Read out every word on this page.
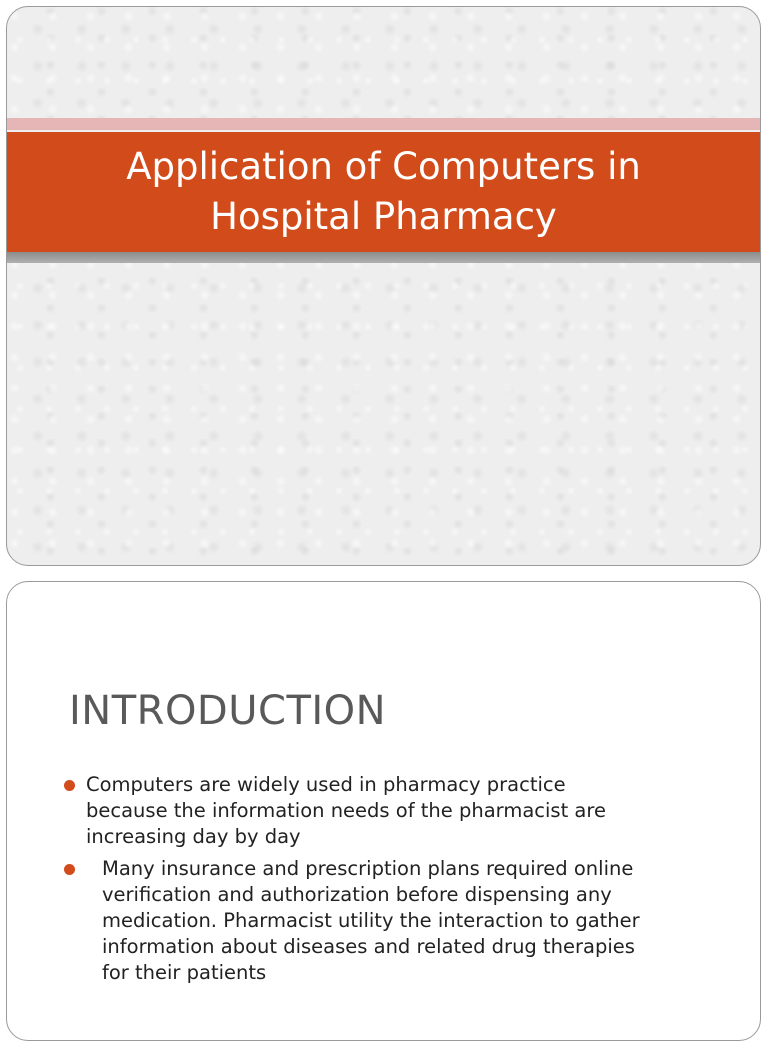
Application of Computers in
Hospital Pharmacy
INTRODUCTION
Computers are widely used in pharmacy practice
because the information needs of the pharmacist are
increasing day by day
Many insurance and prescription plans required online
verification and authorization before dispensing any
medication. Pharmacist utility the interaction to gather
information about diseases and related drug therapies
for their patients
